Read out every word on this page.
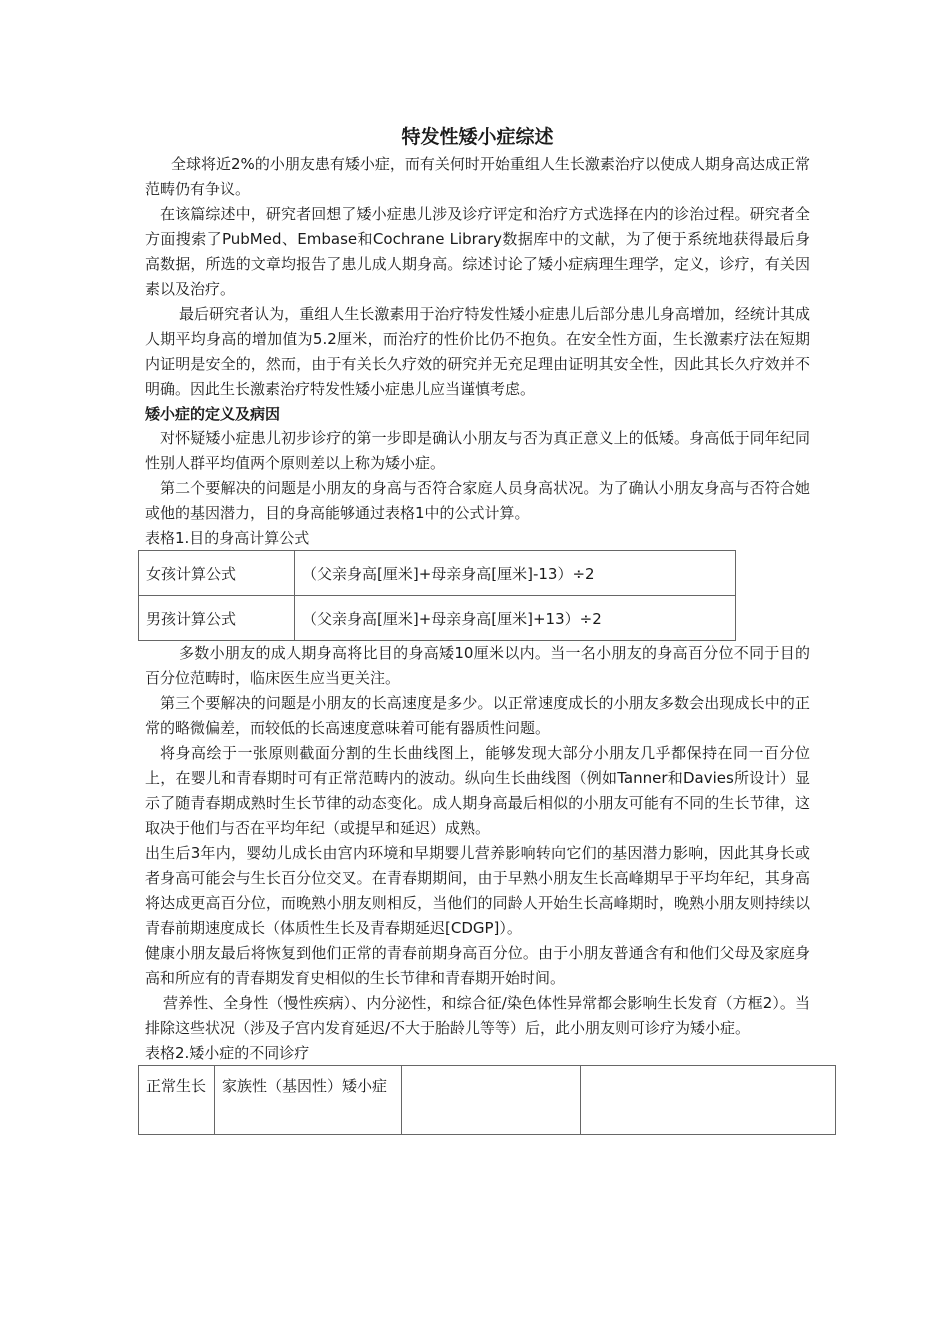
特发性矮小症综述

全球将近2%的小朋友患有矮小症，而有关何时开始重组人生长激素治疗以使成人期身高达成正常范畴仍有争议。

在该篇综述中，研究者回想了矮小症患儿涉及诊疗评定和治疗方式选择在内的诊治过程。研究者全方面搜索了PubMed、Embase和Cochrane Library数据库中的文献，为了便于系统地获得最后身高数据，所选的文章均报告了患儿成人期身高。综述讨论了矮小症病理生理学，定义，诊疗，有关因素以及治疗。

最后研究者认为，重组人生长激素用于治疗特发性矮小症患儿后部分患儿身高增加，经统计其成人期平均身高的增加值为5.2厘米，而治疗的性价比仍不抱负。在安全性方面，生长激素疗法在短期内证明是安全的，然而，由于有关长久疗效的研究并无充足理由证明其安全性，因此其长久疗效并不明确。因此生长激素治疗特发性矮小症患儿应当谨慎考虑。

矮小症的定义及病因

对怀疑矮小症患儿初步诊疗的第一步即是确认小朋友与否为真正意义上的低矮。身高低于同年纪同性别人群平均值两个原则差以上称为矮小症。

第二个要解决的问题是小朋友的身高与否符合家庭人员身高状况。为了确认小朋友身高与否符合她或他的基因潜力，目的身高能够通过表格1中的公式计算。

表格1.目的身高计算公式
女孩计算公式	（父亲身高[厘米]+母亲身高[厘米]-13）÷2
男孩计算公式	（父亲身高[厘米]+母亲身高[厘米]+13）÷2

多数小朋友的成人期身高将比目的身高矮10厘米以内。当一名小朋友的身高百分位不同于目的百分位范畴时，临床医生应当更关注。

第三个要解决的问题是小朋友的长高速度是多少。以正常速度成长的小朋友多数会出现成长中的正常的略微偏差，而较低的长高速度意味着可能有器质性问题。

将身高绘于一张原则截面分割的生长曲线图上，能够发现大部分小朋友几乎都保持在同一百分位上，在婴儿和青春期时可有正常范畴内的波动。纵向生长曲线图（例如Tanner和Davies所设计）显示了随青春期成熟时生长节律的动态变化。成人期身高最后相似的小朋友可能有不同的生长节律，这取决于他们与否在平均年纪（或提早和延迟）成熟。

出生后3年内，婴幼儿成长由宫内环境和早期婴儿营养影响转向它们的基因潜力影响，因此其身长或者身高可能会与生长百分位交叉。在青春期期间，由于早熟小朋友生长高峰期早于平均年纪，其身高将达成更高百分位，而晚熟小朋友则相反，当他们的同龄人开始生长高峰期时，晚熟小朋友则持续以青春前期速度成长（体质性生长及青春期延迟[CDGP]）。

健康小朋友最后将恢复到他们正常的青春前期身高百分位。由于小朋友普通含有和他们父母及家庭身高和所应有的青春期发育史相似的生长节律和青春期开始时间。

营养性、全身性（慢性疾病）、内分泌性，和综合征/染色体性异常都会影响生长发育（方框2）。当排除这些状况（涉及子宫内发育延迟/不大于胎龄儿等等）后，此小朋友则可诊疗为矮小症。

表格2.矮小症的不同诊疗
正常生长	家族性（基因性）矮小症		
